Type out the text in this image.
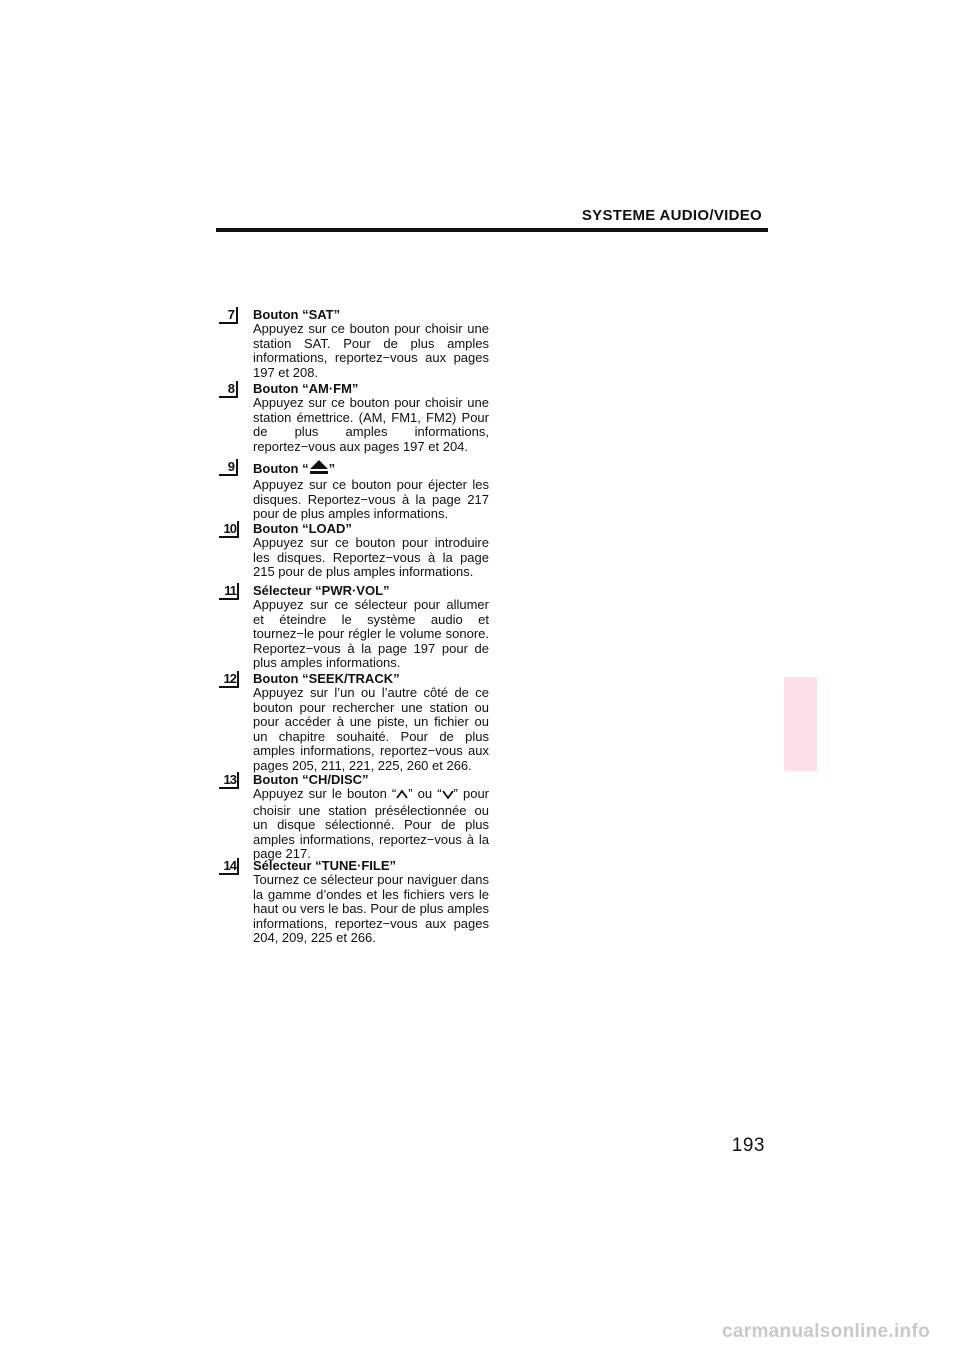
SYSTEME AUDIO/VIDEO
7 Bouton “SAT”

Appuyez sur ce bouton pour choisir une station SAT. Pour de plus amples informations, reportez−vous aux pages 197 et 208.

8 Bouton “AM·FM”

Appuyez sur ce bouton pour choisir une station émettrice. (AM, FM1, FM2) Pour de plus amples informations, reportez−vous aux pages 197 et 204.

9 Bouton “ ”

Appuyez sur ce bouton pour éjecter les disques. Reportez−vous à la page 217 pour de plus amples informations.

10 Bouton “LOAD”

Appuyez sur ce bouton pour introduire les disques. Reportez−vous à la page 215 pour de plus amples informations.

11 Sélecteur “PWR·VOL”

Appuyez sur ce sélecteur pour allumer et éteindre le système audio et tournez−le pour régler le volume sonore. Reportez−vous à la page 197 pour de plus amples informations.

12 Bouton “SEEK/TRACK”

Appuyez sur l’un ou l’autre côté de ce bouton pour rechercher une station ou pour accéder à une piste, un fichier ou un chapitre souhaité. Pour de plus amples informations, reportez−vous aux pages 205, 211, 221, 225, 260 et 266.

13 Bouton “CH/DISC”

Appuyez sur le bouton “ ” ou “ ” pour choisir une station présélectionnée ou un disque sélectionné. Pour de plus amples informations, reportez−vous à la page 217.

14 Sélecteur “TUNE·FILE”

Tournez ce sélecteur pour naviguer dans la gamme d’ondes et les fichiers vers le haut ou vers le bas. Pour de plus amples informations, reportez−vous aux pages 204, 209, 225 et 266.

193
carmanualsonline.info
